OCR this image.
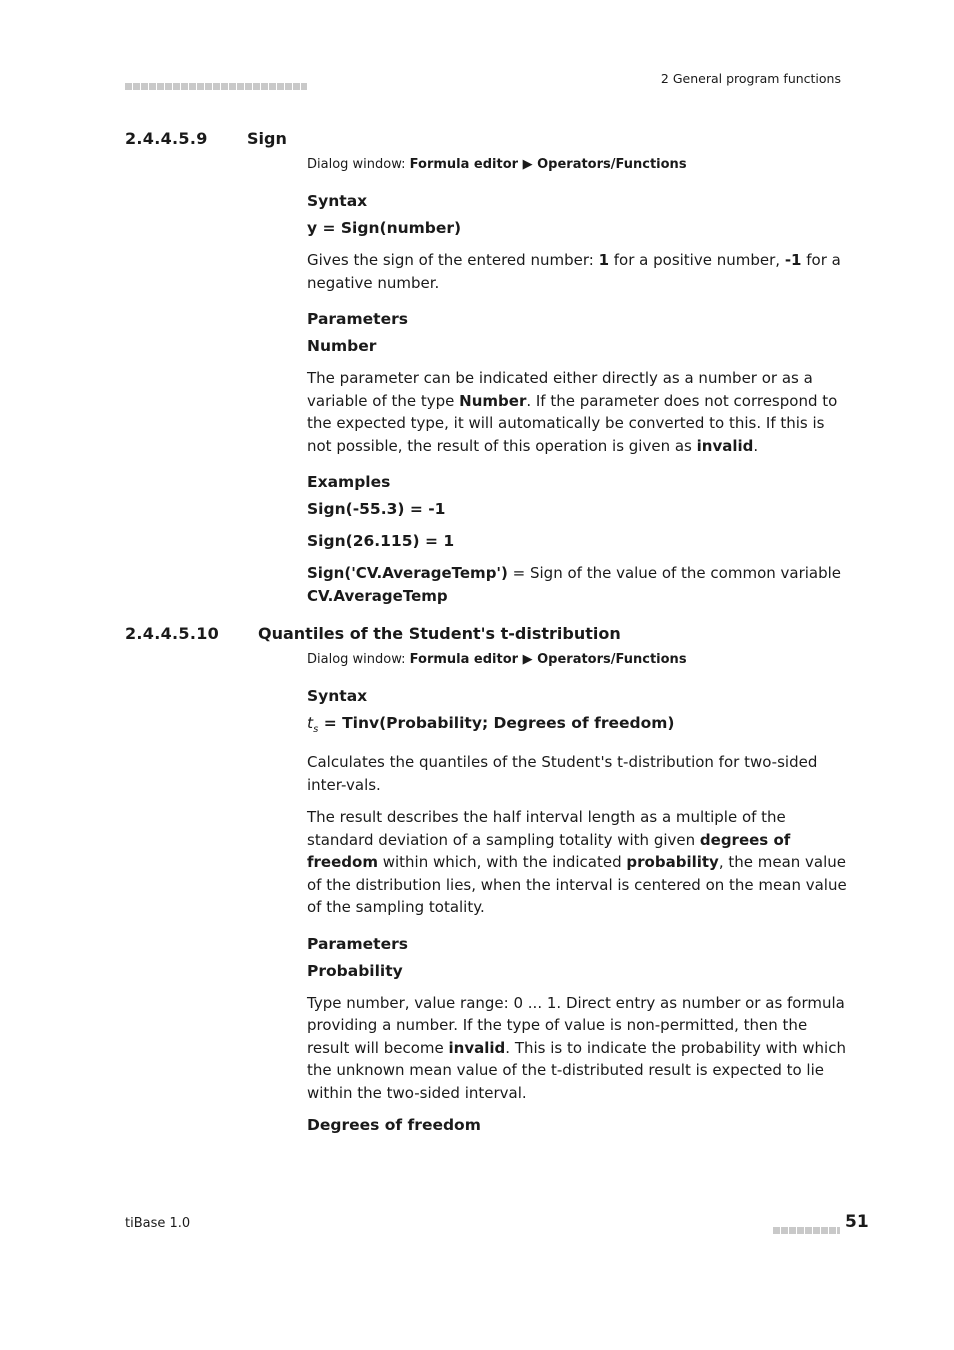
2 General program functions
2.4.4.5.9 Sign
Dialog window: Formula editor ▶ Operators/Functions
Syntax
y = Sign(number)

Gives the sign of the entered number: 1 for a positive number, -1 for a negative number.

Parameters
Number

The parameter can be indicated either directly as a number or as a variable of the type Number. If the parameter does not correspond to the expected type, it will automatically be converted to this. If this is not possible, the result of this operation is given as invalid.

Examples
Sign(-55.3) = -1
Sign(26.115) = 1

Sign('CV.AverageTemp') = Sign of the value of the common variable CV.AverageTemp

2.4.4.5.10 Quantiles of the Student's t-distribution
Dialog window: Formula editor ▶ Operators/Functions
Syntax
$t_s$ = Tinv(Probability; Degrees of freedom)

Calculates the quantiles of the Student's t-distribution for two-sided inter-vals.

The result describes the half interval length as a multiple of the standard deviation of a sampling totality with given degrees of freedom within which, with the indicated probability, the mean value of the distribution lies, when the interval is centered on the mean value of the sampling totality.

Parameters
Probability

Type number, value range: 0 ... 1. Direct entry as number or as formula providing a number. If the type of value is non-permitted, then the result will become invalid. This is to indicate the probability with which the unknown mean value of the t-distributed result is expected to lie within the two-sided interval.

Degrees of freedom
tiBase 1.0	51
